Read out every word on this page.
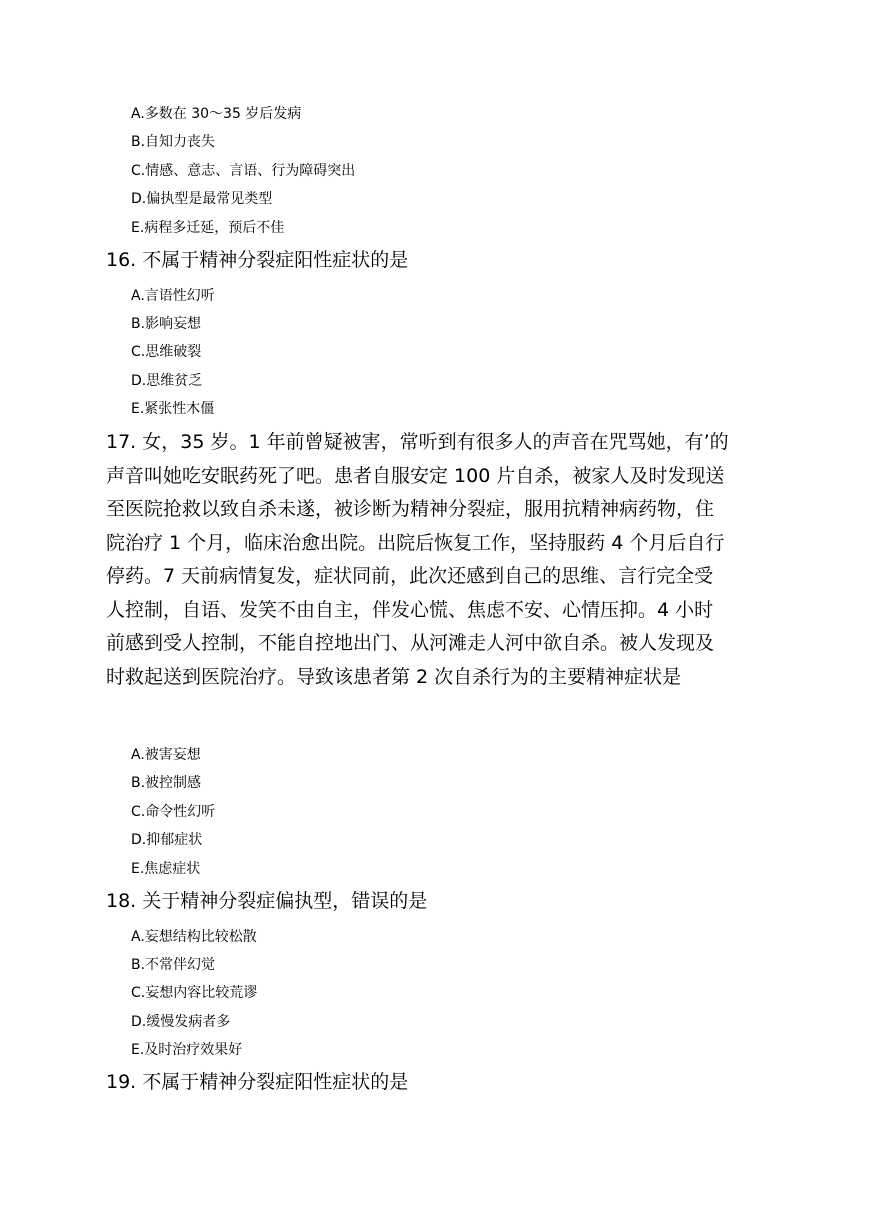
A.多数在 30～35 岁后发病
B.自知力丧失
C.情感、意志、言语、行为障碍突出
D.偏执型是最常见类型
E.病程多迁延，预后不佳
16. 不属于精神分裂症阳性症状的是
A.言语性幻听
B.影响妄想
C.思维破裂
D.思维贫乏
E.紧张性木僵
17. 女，35 岁。1 年前曾疑被害，常听到有很多人的声音在咒骂她，有’的
声音叫她吃安眠药死了吧。患者自服安定 100 片自杀，被家人及时发现送
至医院抢救以致自杀未遂，被诊断为精神分裂症，服用抗精神病药物，住
院治疗 1 个月，临床治愈出院。出院后恢复工作，坚持服药 4 个月后自行
停药。7 天前病情复发，症状同前，此次还感到自己的思维、言行完全受
人控制，自语、发笑不由自主，伴发心慌、焦虑不安、心情压抑。4 小时
前感到受人控制，不能自控地出门、从河滩走人河中欲自杀。被人发现及
时救起送到医院治疗。导致该患者第 2 次自杀行为的主要精神症状是
A.被害妄想
B.被控制感
C.命令性幻听
D.抑郁症状
E.焦虑症状
18. 关于精神分裂症偏执型，错误的是
A.妄想结构比较松散
B.不常伴幻觉
C.妄想内容比较荒谬
D.缓慢发病者多
E.及时治疗效果好
19. 不属于精神分裂症阳性症状的是
